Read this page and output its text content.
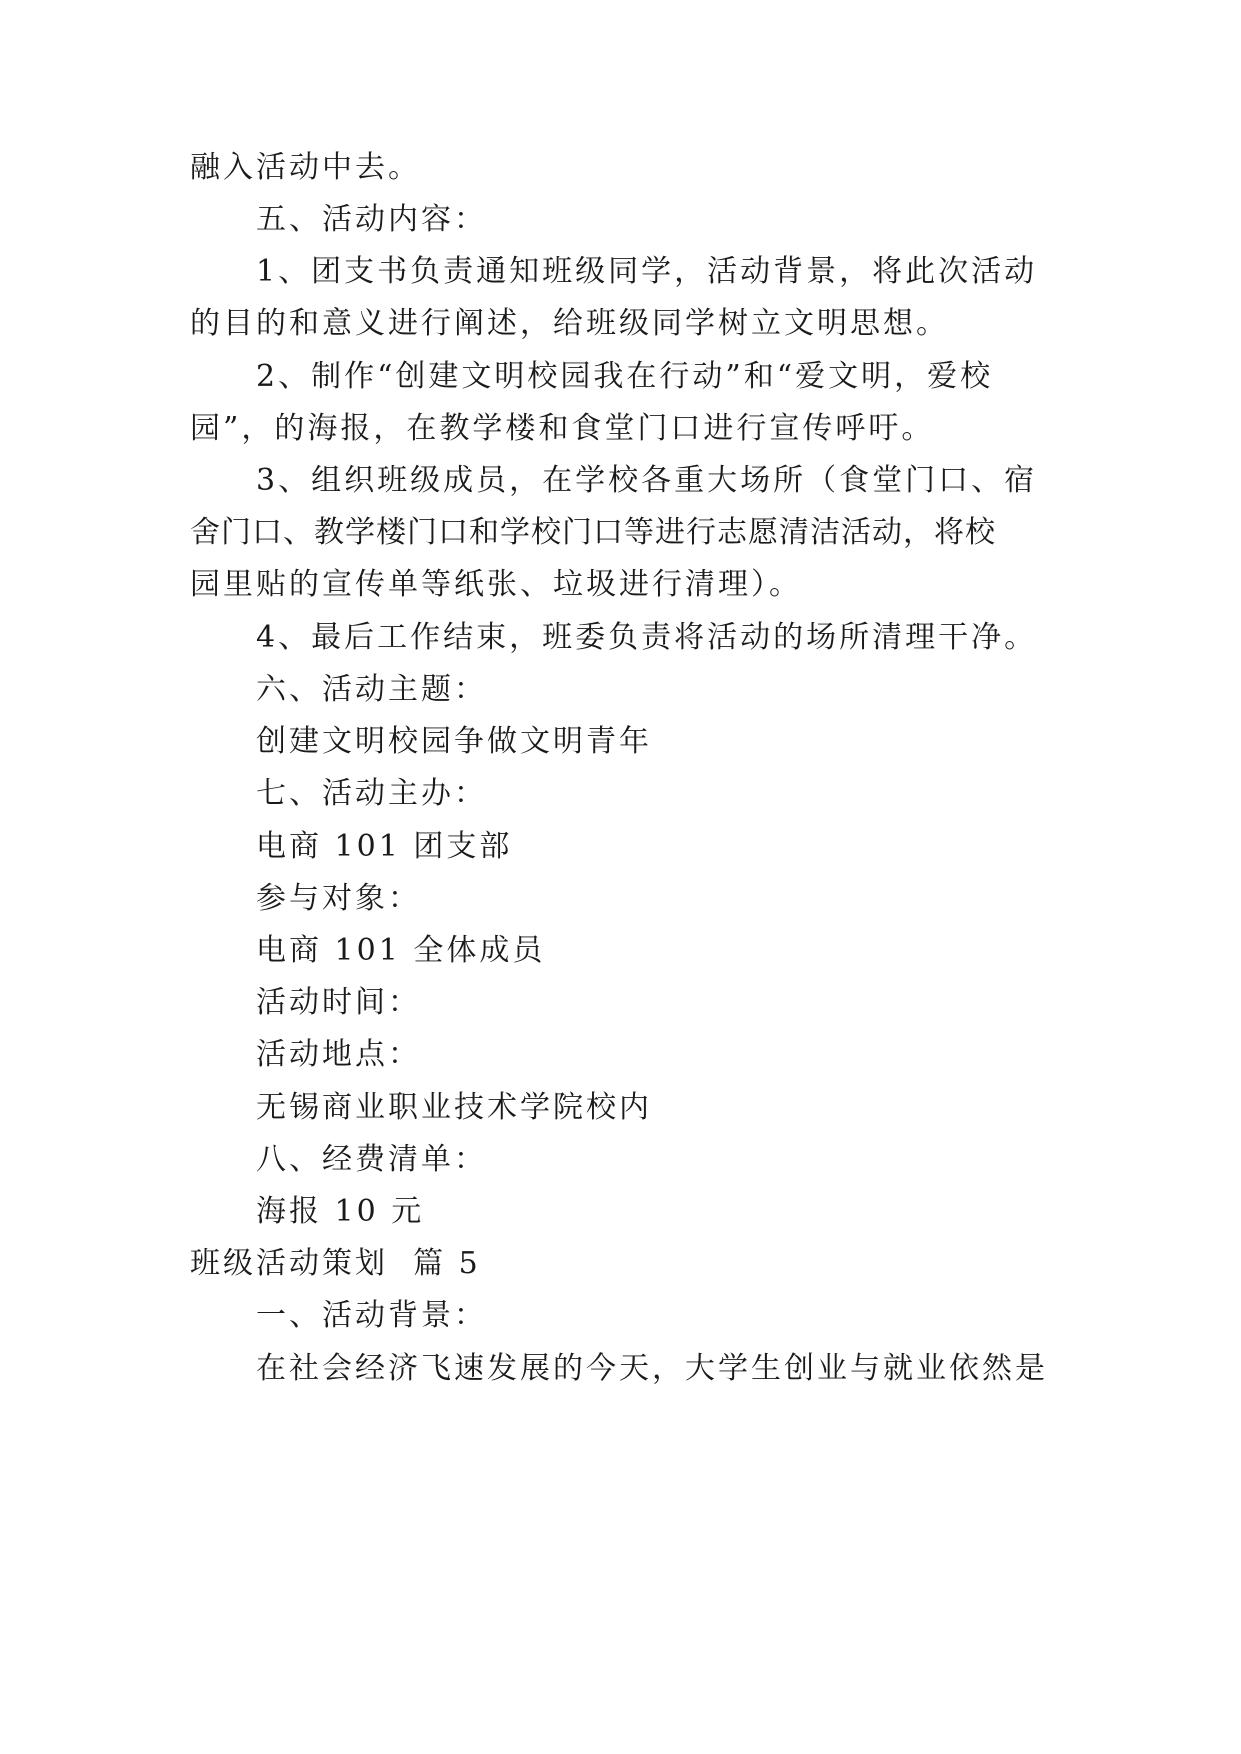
融入活动中去。
五、活动内容：
1、团支书负责通知班级同学，活动背景，将此次活动
的目的和意义进行阐述，给班级同学树立文明思想。
2、制作“创建文明校园我在行动”和“爱文明，爱校
园”，的海报，在教学楼和食堂门口进行宣传呼吁。
3、组织班级成员，在学校各重大场所（食堂门口、宿
舍门口、教学楼门口和学校门口等进行志愿清洁活动，将校
园里贴的宣传单等纸张、垃圾进行清理）。
4、最后工作结束，班委负责将活动的场所清理干净。
六、活动主题：
创建文明校园争做文明青年
七、活动主办：
电商 101 团支部
参与对象：
电商 101 全体成员
活动时间：
活动地点：
无锡商业职业技术学院校内
八、经费清单：
海报 10 元
班级活动策划  篇 5
一、活动背景：
在社会经济飞速发展的今天，大学生创业与就业依然是
